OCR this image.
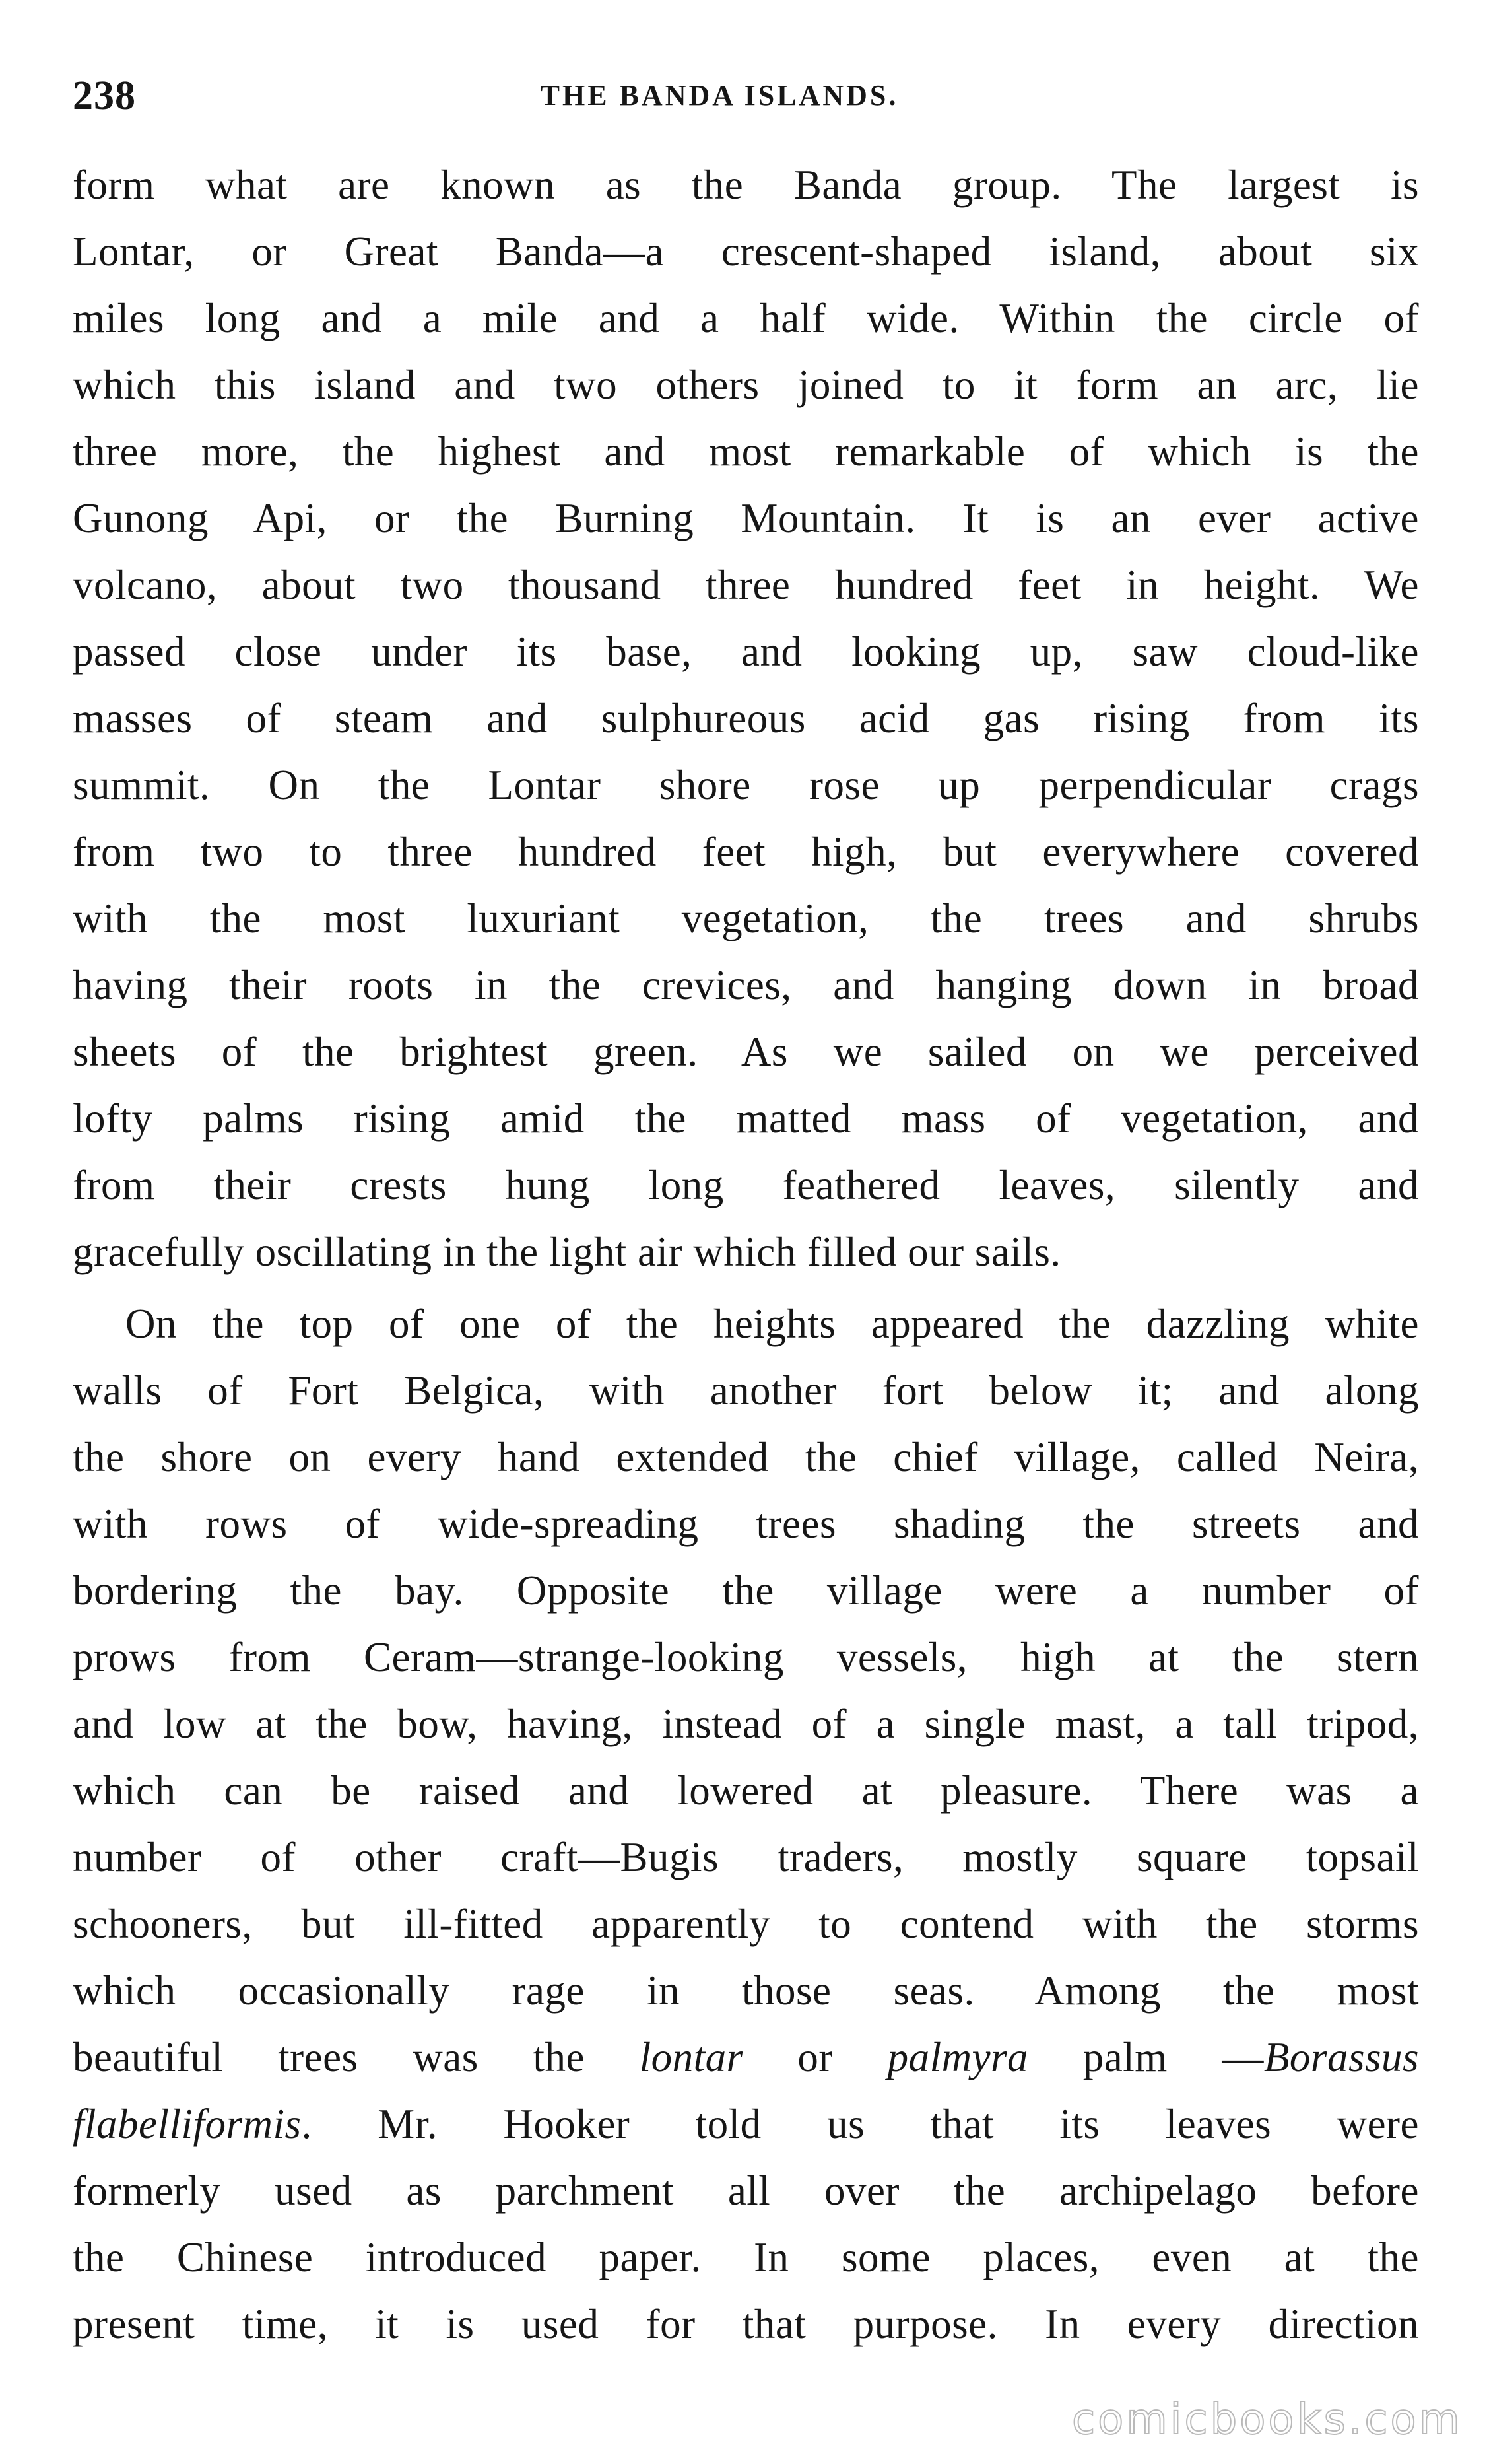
238	THE BANDA ISLANDS.

form what are known as the Banda group. The largest is
Lontar, or Great Banda—a crescent-shaped island, about six
miles long and a mile and a half wide. Within the circle of
which this island and two others joined to it form an arc, lie
three more, the highest and most remarkable of which is the
Gunong Api, or the Burning Mountain. It is an ever active
volcano, about two thousand three hundred feet in height. We
passed close under its base, and looking up, saw cloud-like
masses of steam and sulphureous acid gas rising from its
summit. On the Lontar shore rose up perpendicular crags
from two to three hundred feet high, but everywhere covered
with the most luxuriant vegetation, the trees and shrubs
having their roots in the crevices, and hanging down in broad
sheets of the brightest green. As we sailed on we perceived
lofty palms rising amid the matted mass of vegetation, and
from their crests hung long feathered leaves, silently and
gracefully oscillating in the light air which filled our sails.

On the top of one of the heights appeared the dazzling white
walls of Fort Belgica, with another fort below it; and along
the shore on every hand extended the chief village, called Neira,
with rows of wide-spreading trees shading the streets and
bordering the bay. Opposite the village were a number of
prows from Ceram—strange-looking vessels, high at the stern
and low at the bow, having, instead of a single mast, a tall tripod,
which can be raised and lowered at pleasure. There was a
number of other craft—Bugis traders, mostly square topsail
schooners, but ill-fitted apparently to contend with the storms
which occasionally rage in those seas. Among the most
beautiful trees was the lontar or palmyra palm —Borassus
flabelliformis. Mr. Hooker told us that its leaves were
formerly used as parchment all over the archipelago before
the Chinese introduced paper. In some places, even at the
present time, it is used for that purpose. In every direction

comicbooks.com
